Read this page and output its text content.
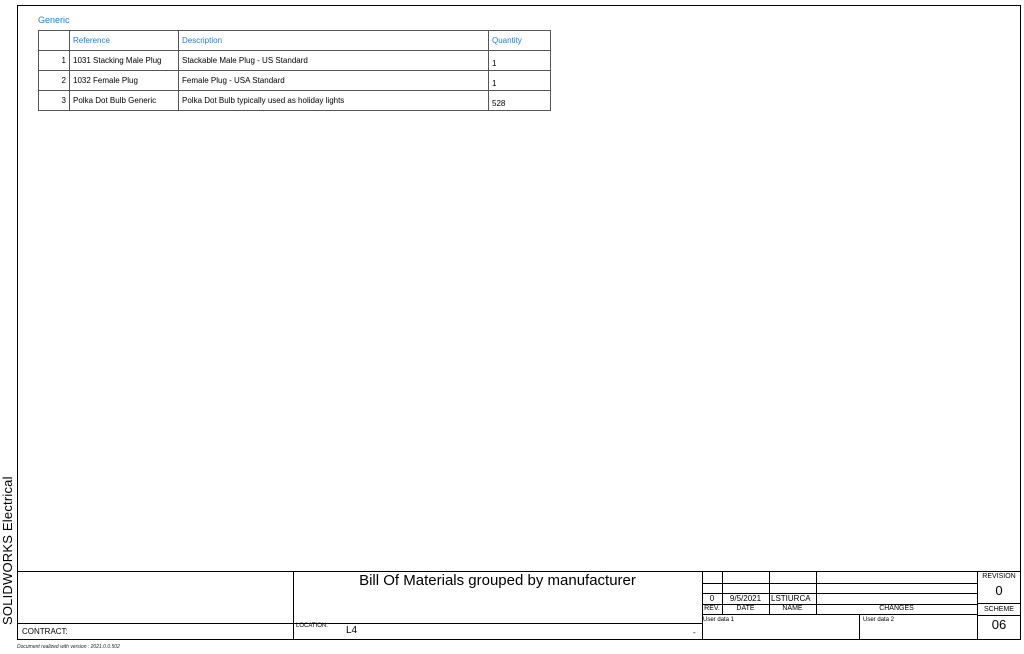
Generic
	Reference	Description	Quantity
1	1031 Stacking Male Plug	Stackable Male Plug - US Standard	1
2	1032 Female Plug	Female Plug - USA Standard	1
3	Polka Dot Bulb Generic	Polka Dot Bulb typically used as holiday lights	528
SOLIDWORKS Electrical	Bill Of Materials grouped by manufacturer
CONTRACT:
LOCATION: L4	-
0	9/5/2021	LSTIURCA
REV.	DATE	NAME	CHANGES
User data 1	User data 2
REVISION
0
SCHEME
06
Document realized with version : 2021.0.0.502
